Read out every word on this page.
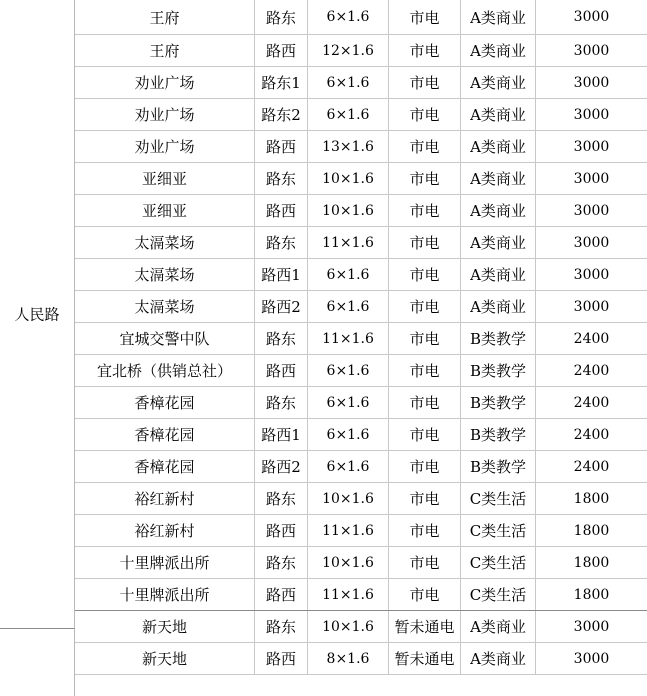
人民路
王府	路东	6×1.6	市电	A类商业	3000
王府	路西	12×1.6	市电	A类商业	3000
劝业广场	路东1	6×1.6	市电	A类商业	3000
劝业广场	路东2	6×1.6	市电	A类商业	3000
劝业广场	路西	13×1.6	市电	A类商业	3000
亚细亚	路东	10×1.6	市电	A类商业	3000
亚细亚	路西	10×1.6	市电	A类商业	3000
太滆菜场	路东	11×1.6	市电	A类商业	3000
太滆菜场	路西1	6×1.6	市电	A类商业	3000
太滆菜场	路西2	6×1.6	市电	A类商业	3000
宜城交警中队	路东	11×1.6	市电	B类教学	2400
宜北桥（供销总社）	路西	6×1.6	市电	B类教学	2400
香樟花园	路东	6×1.6	市电	B类教学	2400
香樟花园	路西1	6×1.6	市电	B类教学	2400
香樟花园	路西2	6×1.6	市电	B类教学	2400
裕红新村	路东	10×1.6	市电	C类生活	1800
裕红新村	路西	11×1.6	市电	C类生活	1800
十里牌派出所	路东	10×1.6	市电	C类生活	1800
十里牌派出所	路西	11×1.6	市电	C类生活	1800
新天地	路东	10×1.6	暂未通电	A类商业	3000
新天地	路西	8×1.6	暂未通电	A类商业	3000
